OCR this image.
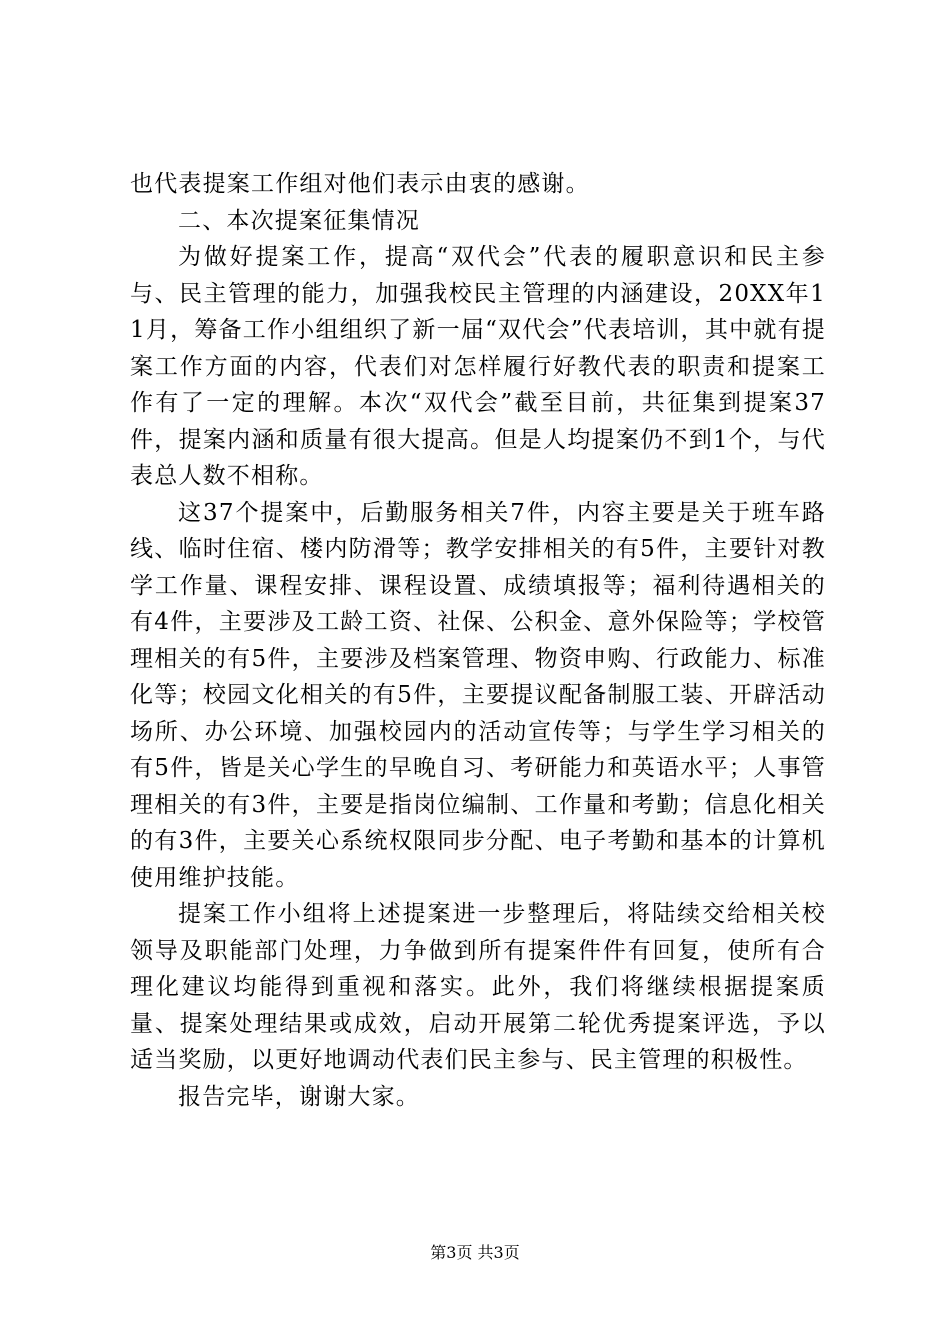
也代表提案工作组对他们表示由衷的感谢。

二、本次提案征集情况

为做好提案工作，提高“双代会”代表的履职意识和民主参与、民主管理的能力，加强我校民主管理的内涵建设，20XX年11月，筹备工作小组组织了新一届“双代会”代表培训，其中就有提案工作方面的内容，代表们对怎样履行好教代表的职责和提案工作有了一定的理解。本次“双代会”截至目前，共征集到提案37件，提案内涵和质量有很大提高。但是人均提案仍不到1个，与代表总人数不相称。

这37个提案中，后勤服务相关7件，内容主要是关于班车路线、临时住宿、楼内防滑等；教学安排相关的有5件，主要针对教学工作量、课程安排、课程设置、成绩填报等；福利待遇相关的有4件，主要涉及工龄工资、社保、公积金、意外保险等；学校管理相关的有5件，主要涉及档案管理、物资申购、行政能力、标准化等；校园文化相关的有5件，主要提议配备制服工装、开辟活动场所、办公环境、加强校园内的活动宣传等；与学生学习相关的有5件，皆是关心学生的早晚自习、考研能力和英语水平；人事管理相关的有3件，主要是指岗位编制、工作量和考勤；信息化相关的有3件，主要关心系统权限同步分配、电子考勤和基本的计算机使用维护技能。

提案工作小组将上述提案进一步整理后，将陆续交给相关校领导及职能部门处理，力争做到所有提案件件有回复，使所有合理化建议均能得到重视和落实。此外，我们将继续根据提案质量、提案处理结果或成效，启动开展第二轮优秀提案评选，予以适当奖励，以更好地调动代表们民主参与、民主管理的积极性。

报告完毕，谢谢大家。

第3页 共3页
